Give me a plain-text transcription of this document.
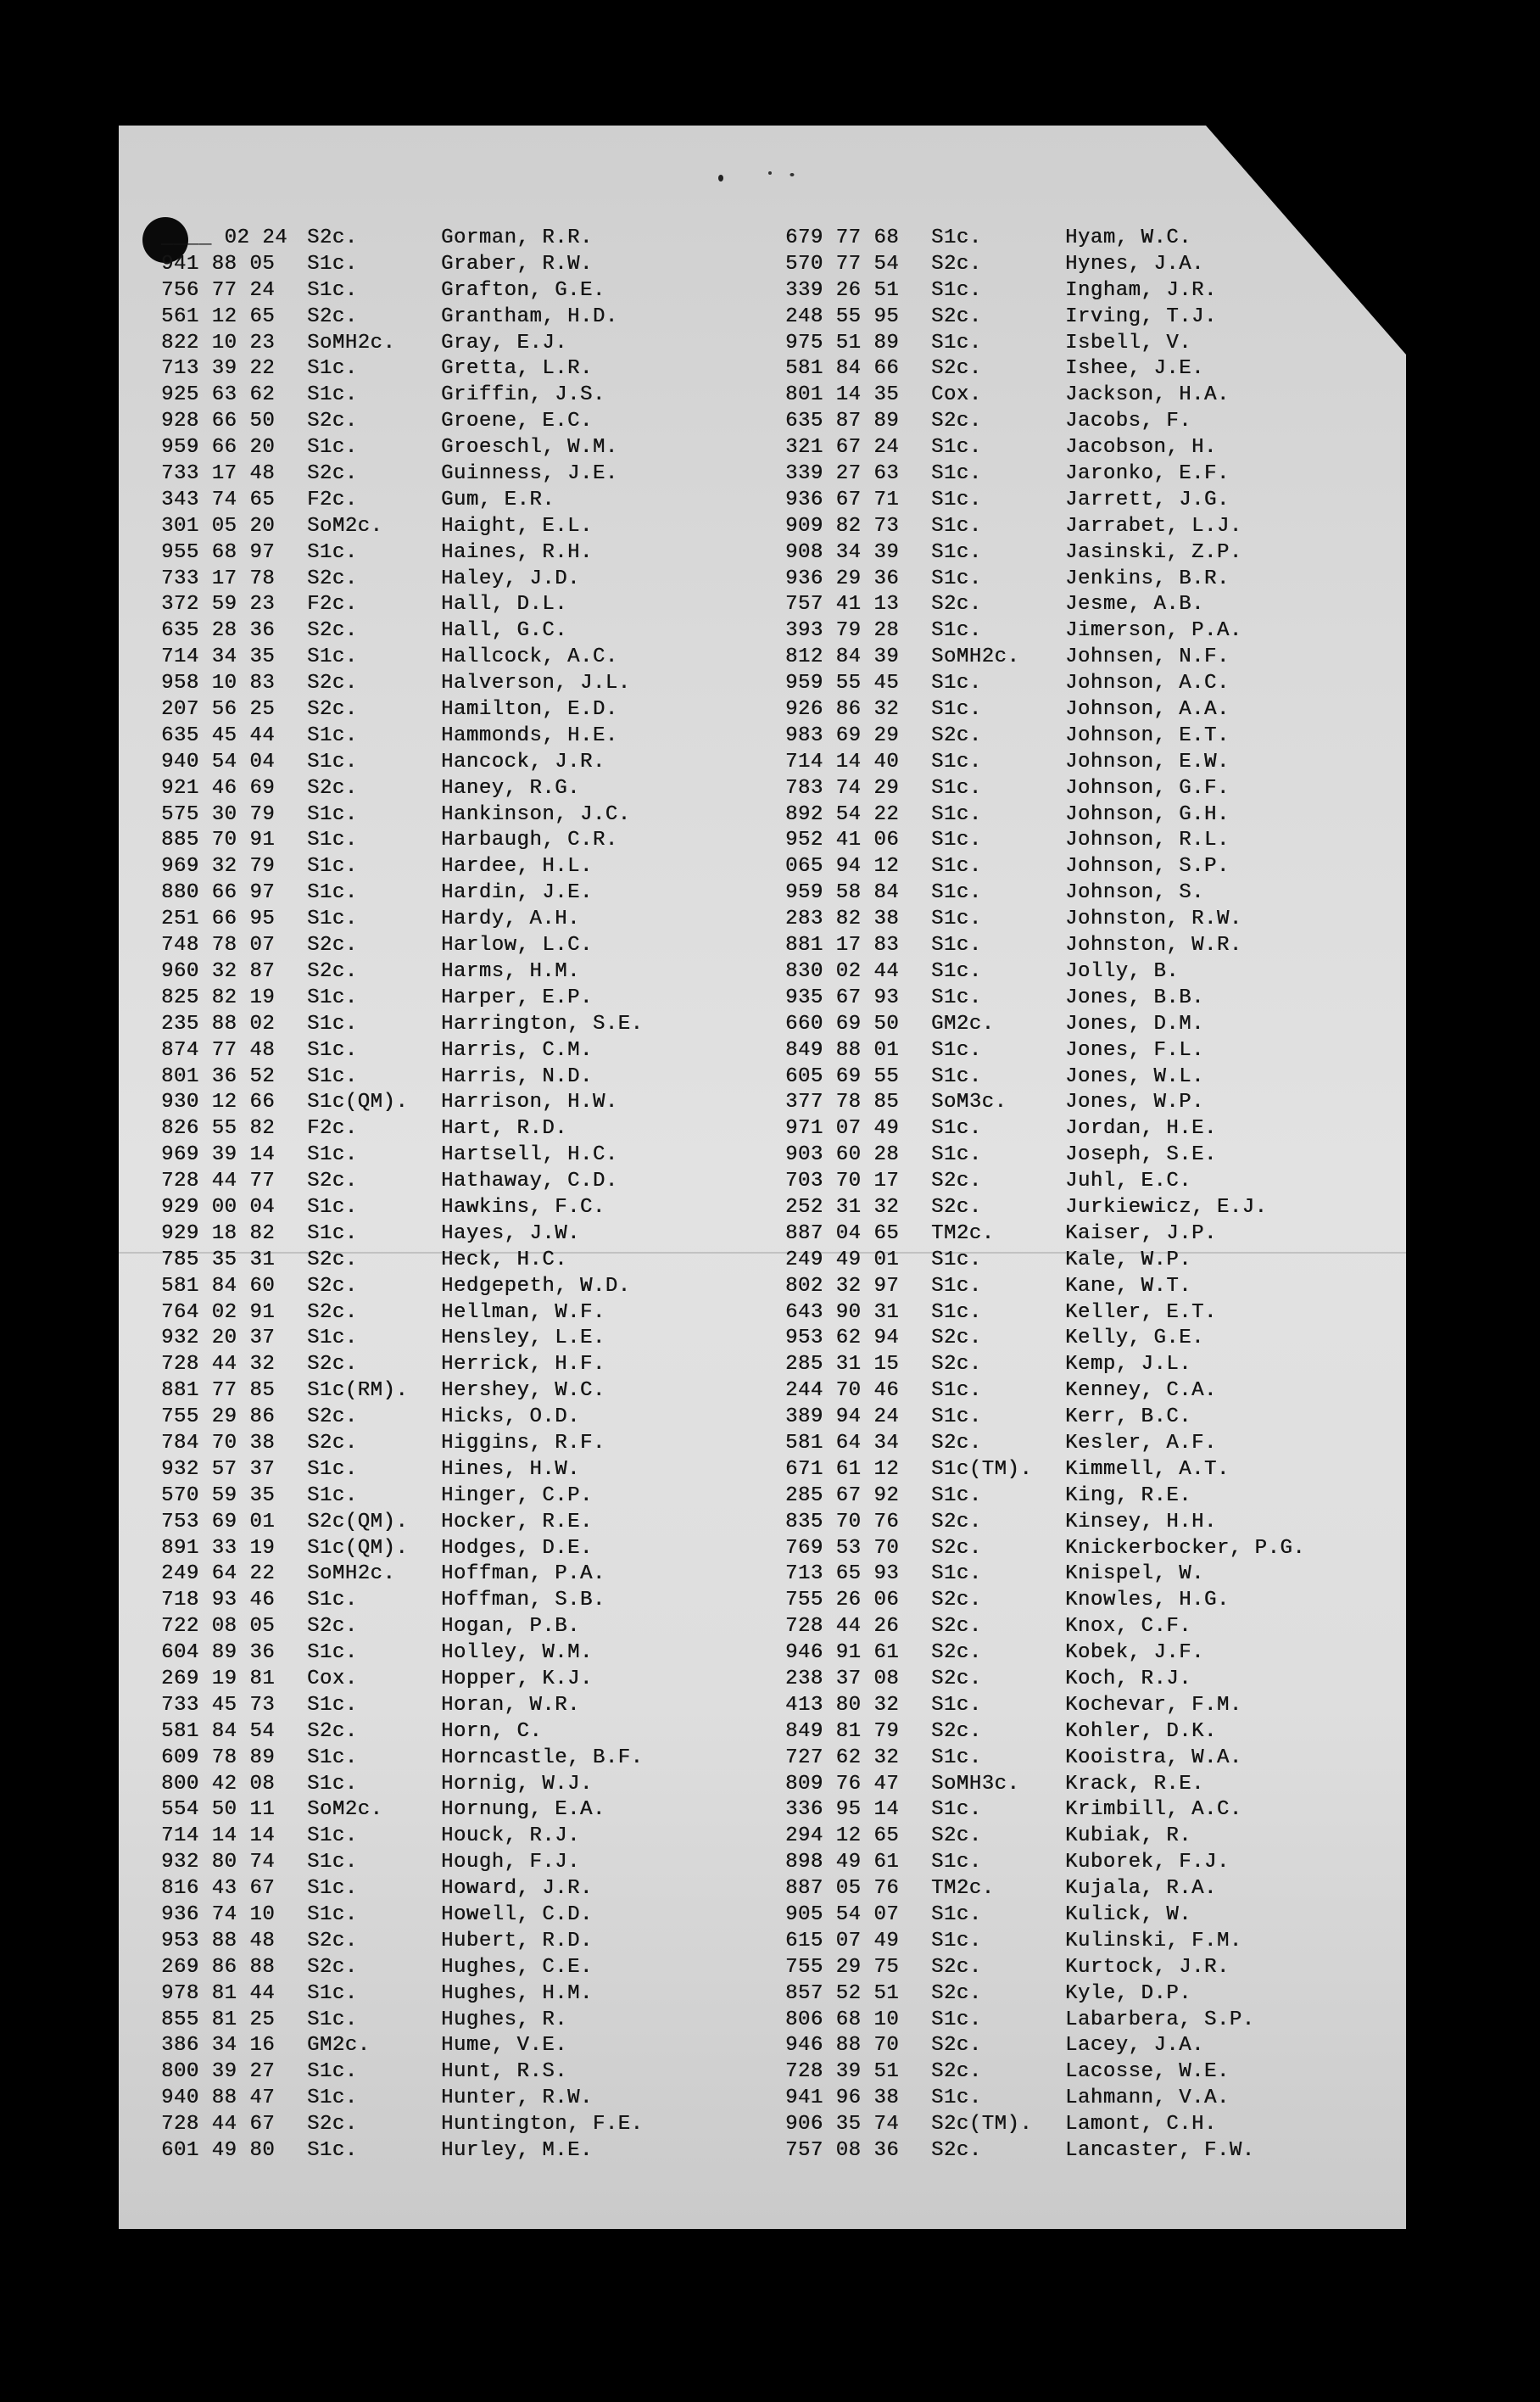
____ 02 24 S2c.	Gorman, R.R.
941 88 05 S1c.	Graber, R.W.
756 77 24 S1c.	Grafton, G.E.
561 12 65 S2c.	Grantham, H.D.
822 10 23 SoMH2c. Gray, E.J.
713 39 22 S1c.	Gretta, L.R.
925 63 62 S1c.	Griffin, J.S.
928 66 50 S2c.	Groene, E.C.
959 66 20 S1c.	Groeschl, W.M.
733 17 48 S2c.	Guinness, J.E.
343 74 65 F2c.	Gum, E.R.
301 05 20 SoM2c.	Haight, E.L.
955 68 97 S1c.	Haines, R.H.
733 17 78 S2c.	Haley, J.D.
372 59 23 F2c.	Hall, D.L.
635 28 36 S2c.	Hall, G.C.
714 34 35 S1c.	Hallcock, A.C.
958 10 83 S2c.	Halverson, J.L.
207 56 25 S2c.	Hamilton, E.D.
635 45 44 S1c.	Hammonds, H.E.
940 54 04 S1c.	Hancock, J.R.
921 46 69 S2c.	Haney, R.G.
575 30 79 S1c.	Hankinson, J.C.
885 70 91 S1c.	Harbaugh, C.R.
969 32 79 S1c.	Hardee, H.L.
880 66 97 S1c.	Hardin, J.E.
251 66 95 S1c.	Hardy, A.H.
748 78 07 S2c.	Harlow, L.C.
960 32 87 S2c.	Harms, H.M.
825 82 19 S1c.	Harper, E.P.
235 88 02 S1c.	Harrington, S.E.
874 77 48 S1c.	Harris, C.M.
801 36 52 S1c.	Harris, N.D.
930 12 66 S1c(QM). Harrison, H.W.
826 55 82 F2c.	Hart, R.D.
969 39 14 S1c.	Hartsell, H.C.
728 44 77 S2c.	Hathaway, C.D.
929 00 04 S1c.	Hawkins, F.C.
929 18 82 S1c.	Hayes, J.W.
785 35 31 S2c.	Heck, H.C.
581 84 60 S2c.	Hedgepeth, W.D.
764 02 91 S2c.	Hellman, W.F.
932 20 37 S1c.	Hensley, L.E.
728 44 32 S2c.	Herrick, H.F.
881 77 85 S1c(RM). Hershey, W.C.
755 29 86 S2c.	Hicks, O.D.
784 70 38 S2c.	Higgins, R.F.
932 57 37 S1c.	Hines, H.W.
570 59 35 S1c.	Hinger, C.P.
753 69 01 S2c(QM). Hocker, R.E.
891 33 19 S1c(QM). Hodges, D.E.
249 64 22 SoMH2c. Hoffman, P.A.
718 93 46 S1c.	Hoffman, S.B.
722 08 05 S2c.	Hogan, P.B.
604 89 36 S1c.	Holley, W.M.
269 19 81 Cox.	Hopper, K.J.
733 45 73 S1c.	Horan, W.R.
581 84 54 S2c.	Horn, C.
609 78 89 S1c.	Horncastle, B.F.
800 42 08 S1c.	Hornig, W.J.
554 50 11 SoM2c.	Hornung, E.A.
714 14 14 S1c.	Houck, R.J.
932 80 74 S1c.	Hough, F.J.
816 43 67 S1c.	Howard, J.R.
936 74 10 S1c.	Howell, C.D.
953 88 48 S2c.	Hubert, R.D.
269 86 88 S2c.	Hughes, C.E.
978 81 44 S1c.	Hughes, H.M.
855 81 25 S1c.	Hughes, R.
386 34 16 GM2c.	Hume, V.E.
800 39 27 S1c.	Hunt, R.S.
940 88 47 S1c.	Hunter, R.W.
728 44 67 S2c.	Huntington, F.E.
601 49 80 S1c.	Hurley, M.E.
679 77 68 S1c.	Hyam, W.C.
570 77 54 S2c.	Hynes, J.A.
339 26 51 S1c.	Ingham, J.R.
248 55 95 S2c.	Irving, T.J.
975 51 89 S1c.	Isbell, V.
581 84 66 S2c.	Ishee, J.E.
801 14 35 Cox.	Jackson, H.A.
635 87 89 S2c.	Jacobs, F.
321 67 24 S1c.	Jacobson, H.
339 27 63 S1c.	Jaronko, E.F.
936 67 71 S1c.	Jarrett, J.G.
909 82 73 S1c.	Jarrabet, L.J.
908 34 39 S1c.	Jasinski, Z.P.
936 29 36 S1c.	Jenkins, B.R.
757 41 13 S2c.	Jesme, A.B.
393 79 28 S1c.	Jimerson, P.A.
812 84 39 SoMH2c. Johnsen, N.F.
959 55 45 S1c.	Johnson, A.C.
926 86 32 S1c.	Johnson, A.A.
983 69 29 S2c.	Johnson, E.T.
714 14 40 S1c.	Johnson, E.W.
783 74 29 S1c.	Johnson, G.F.
892 54 22 S1c.	Johnson, G.H.
952 41 06 S1c.	Johnson, R.L.
065 94 12 S1c.	Johnson, S.P.
959 58 84 S1c.	Johnson, S.
283 82 38 S1c.	Johnston, R.W.
881 17 83 S1c.	Johnston, W.R.
830 02 44 S1c.	Jolly, B.
935 67 93 S1c.	Jones, B.B.
660 69 50 GM2c.	Jones, D.M.
849 88 01 S1c.	Jones, F.L.
605 69 55 S1c.	Jones, W.L.
377 78 85 SoM3c.	Jones, W.P.
971 07 49 S1c.	Jordan, H.E.
903 60 28 S1c.	Joseph, S.E.
703 70 17 S2c.	Juhl, E.C.
252 31 32 S2c.	Jurkiewicz, E.J.
887 04 65 TM2c.	Kaiser, J.P.
249 49 01 S1c.	Kale, W.P.
802 32 97 S1c.	Kane, W.T.
643 90 31 S1c.	Keller, E.T.
953 62 94 S2c.	Kelly, G.E.
285 31 15 S2c.	Kemp, J.L.
244 70 46 S1c.	Kenney, C.A.
389 94 24 S1c.	Kerr, B.C.
581 64 34 S2c.	Kesler, A.F.
671 61 12 S1c(TM). Kimmell, A.T.
285 67 92 S1c.	King, R.E.
835 70 76 S2c.	Kinsey, H.H.
769 53 70 S2c.	Knickerbocker, P.G.
713 65 93 S1c.	Knispel, W.
755 26 06 S2c.	Knowles, H.G.
728 44 26 S2c.	Knox, C.F.
946 91 61 S2c.	Kobek, J.F.
238 37 08 S2c.	Koch, R.J.
413 80 32 S1c.	Kochevar, F.M.
849 81 79 S2c.	Kohler, D.K.
727 62 32 S1c.	Kooistra, W.A.
809 76 47 SoMH3c. Krack, R.E.
336 95 14 S1c.	Krimbill, A.C.
294 12 65 S2c.	Kubiak, R.
898 49 61 S1c.	Kuborek, F.J.
887 05 76 TM2c.	Kujala, R.A.
905 54 07 S1c.	Kulick, W.
615 07 49 S1c.	Kulinski, F.M.
755 29 75 S2c.	Kurtock, J.R.
857 52 51 S2c.	Kyle, D.P.
806 68 10 S1c.	Labarbera, S.P.
946 88 70 S2c.	Lacey, J.A.
728 39 51 S2c.	Lacosse, W.E.
941 96 38 S1c.	Lahmann, V.A.
906 35 74 S2c(TM). Lamont, C.H.
757 08 36 S2c.	Lancaster, F.W.
